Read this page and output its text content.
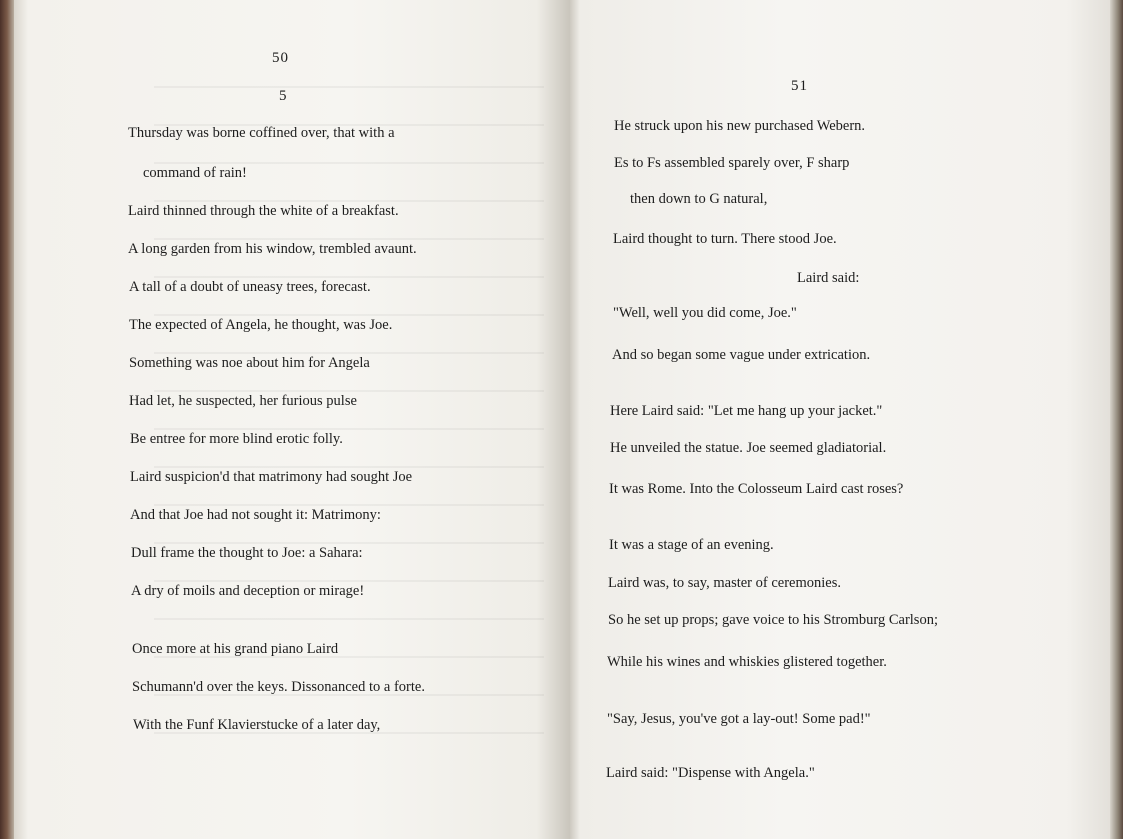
50
5
Thursday was borne coffined over, that with a
command of rain!
Laird thinned through the white of a breakfast.
A long garden from his window, trembled avaunt.
A tall of a doubt of uneasy trees, forecast.
The expected of Angela, he thought, was Joe.
Something was noe about him for Angela
Had let, he suspected, her furious pulse
Be entree for more blind erotic folly.
Laird suspicion'd that matrimony had sought Joe
And that Joe had not sought it: Matrimony:
Dull frame the thought to Joe: a Sahara:
A dry of moils and deception or mirage!
Once more at his grand piano Laird
Schumann'd over the keys. Dissonanced to a forte.
With the Funf Klavierstucke of a later day,
51
He struck upon his new purchased Webern.
Es to Fs assembled sparely over, F sharp
then down to G natural,
Laird thought to turn. There stood Joe.
Laird said:
"Well, well you did come, Joe."
And so began some vague under extrication.
Here Laird said: "Let me hang up your jacket."
He unveiled the statue. Joe seemed gladiatorial.
It was Rome. Into the Colosseum Laird cast roses?
It was a stage of an evening.
Laird was, to say, master of ceremonies.
So he set up props; gave voice to his Stromburg Carlson;
While his wines and whiskies glistered together.
"Say, Jesus, you've got a lay-out! Some pad!"
Laird said: "Dispense with Angela."
